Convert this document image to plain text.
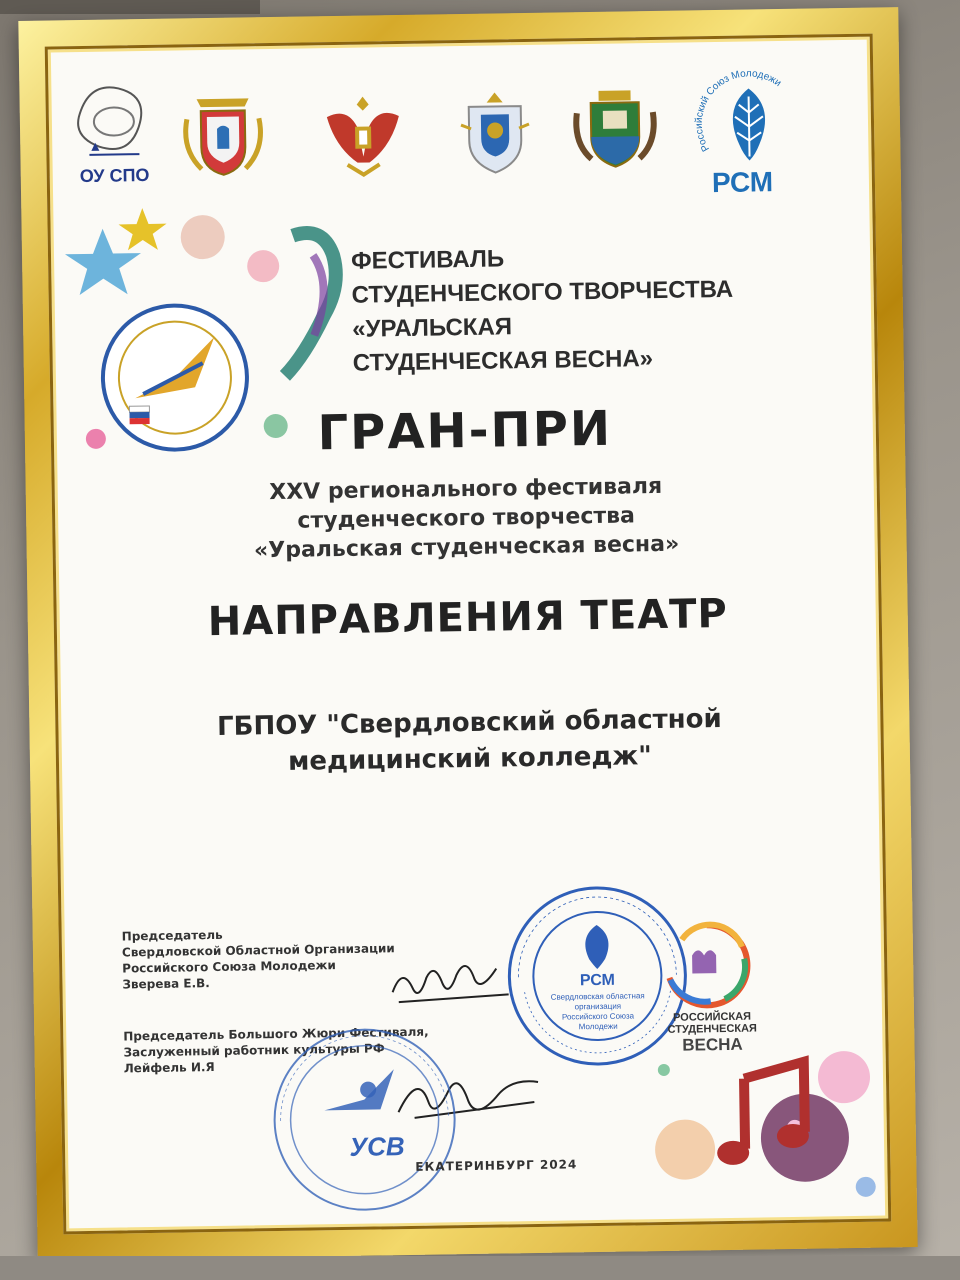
ОУ СПО
Российский Союз Молодежи
РСМ
ФЕСТИВАЛЬ
СТУДЕНЧЕСКОГО ТВОРЧЕСТВА
«УРАЛЬСКАЯ
СТУДЕНЧЕСКАЯ ВЕСНА»
ГРАН-ПРИ
XXV регионального фестиваля
студенческого творчества
«Уральская студенческая весна»
НАПРАВЛЕНИЯ ТЕАТР
ГБПОУ "Свердловский областной
медицинский колледж"
Председатель
Свердловской Областной Организации
Российского Союза Молодежи
Зверева Е.В.
Председатель Большого Жюри Фестиваля,
Заслуженный работник культуры РФ
Лейфель И.Я
РСМ
Свердловская областная
организация
Российского Союза
Молодежи
УСВ
РОССИЙСКАЯ
СТУДЕНЧЕСКАЯ
ВЕСНА
ЕКАТЕРИНБУРГ 2024
